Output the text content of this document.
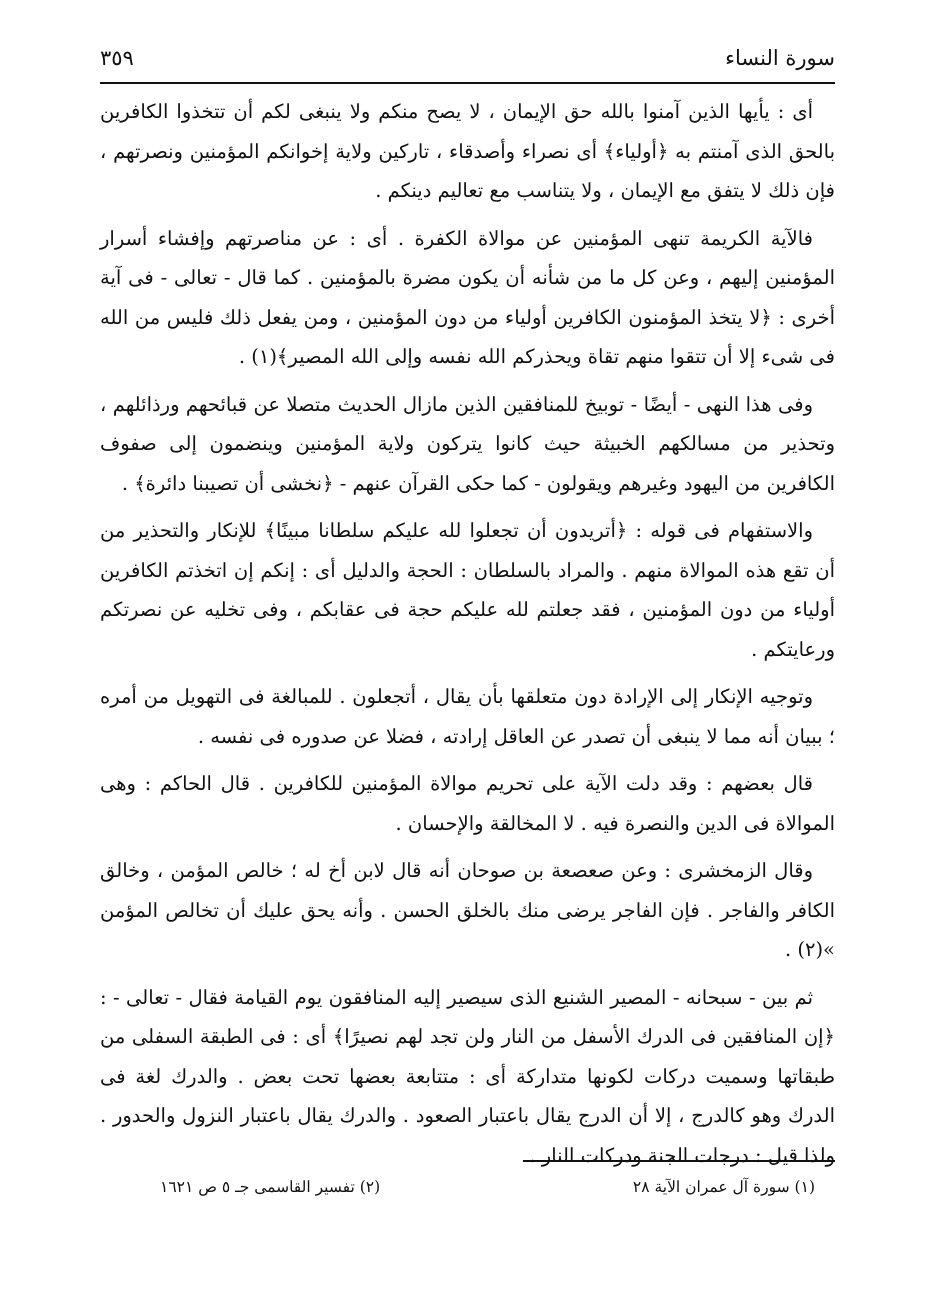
سورة النساء
٣٥٩

أى : يأيها الذين آمنوا بالله حق الإيمان ، لا يصح منكم ولا ينبغى لكم أن تتخذوا الكافرين بالحق الذى آمنتم به ﴿أولياء﴾ أى نصراء وأصدقاء ، تاركين ولاية إخوانكم المؤمنين ونصرتهم ، فإن ذلك لا يتفق مع الإيمان ، ولا يتناسب مع تعاليم دينكم .

فالآية الكريمة تنهى المؤمنين عن موالاة الكفرة . أى : عن مناصرتهم وإفشاء أسرار المؤمنين إليهم ، وعن كل ما من شأنه أن يكون مضرة بالمؤمنين . كما قال - تعالى - فى آية أخرى : ﴿لا يتخذ المؤمنون الكافرين أولياء من دون المؤمنين ، ومن يفعل ذلك فليس من الله فى شىء إلا أن تتقوا منهم تقاة ويحذركم الله نفسه وإلى الله المصير﴾(١) .

وفى هذا النهى - أيضًا - توبيخ للمنافقين الذين مازال الحديث متصلا عن قبائحهم ورذائلهم ، وتحذير من مسالكهم الخبيثة حيث كانوا يتركون ولاية المؤمنين وينضمون إلى صفوف الكافرين من اليهود وغيرهم ويقولون - كما حكى القرآن عنهم - ﴿نخشى أن تصيبنا دائرة﴾ .

والاستفهام فى قوله : ﴿أتريدون أن تجعلوا لله عليكم سلطانا مبينًا﴾ للإنكار والتحذير من أن تقع هذه الموالاة منهم . والمراد بالسلطان : الحجة والدليل أى : إنكم إن اتخذتم الكافرين أولياء من دون المؤمنين ، فقد جعلتم لله عليكم حجة فى عقابكم ، وفى تخليه عن نصرتكم ورعايتكم .

وتوجيه الإنكار إلى الإرادة دون متعلقها بأن يقال ، أتجعلون . للمبالغة فى التهويل من أمره ؛ ببيان أنه مما لا ينبغى أن تصدر عن العاقل إرادته ، فضلا عن صدوره فى نفسه .

قال بعضهم : وقد دلت الآية على تحريم موالاة المؤمنين للكافرين . قال الحاكم : وهى الموالاة فى الدين والنصرة فيه . لا المخالقة والإحسان .

وقال الزمخشرى : وعن صعصعة بن صوحان أنه قال لابن أخ له ؛ خالص المؤمن ، وخالق الكافر والفاجر . فإن الفاجر يرضى منك بالخلق الحسن . وأنه يحق عليك أن تخالص المؤمن »(٢) .

ثم بين - سبحانه - المصير الشنيع الذى سيصير إليه المنافقون يوم القيامة فقال - تعالى - : ﴿إن المنافقين فى الدرك الأسفل من النار ولن تجد لهم نصيرًا﴾ أى : فى الطبقة السفلى من طبقاتها وسميت دركات لكونها متداركة أى : متتابعة بعضها تحت بعض . والدرك لغة فى الدرك وهو كالدرج ، إلا أن الدرج يقال باعتبار الصعود . والدرك يقال باعتبار النزول والحدور . ولذا قيل : درجات الجنة ودركات النار .

(١) سورة آل عمران الآية ٢٨
(٢) تفسير القاسمى جـ ٥ ص ١٦٢١
